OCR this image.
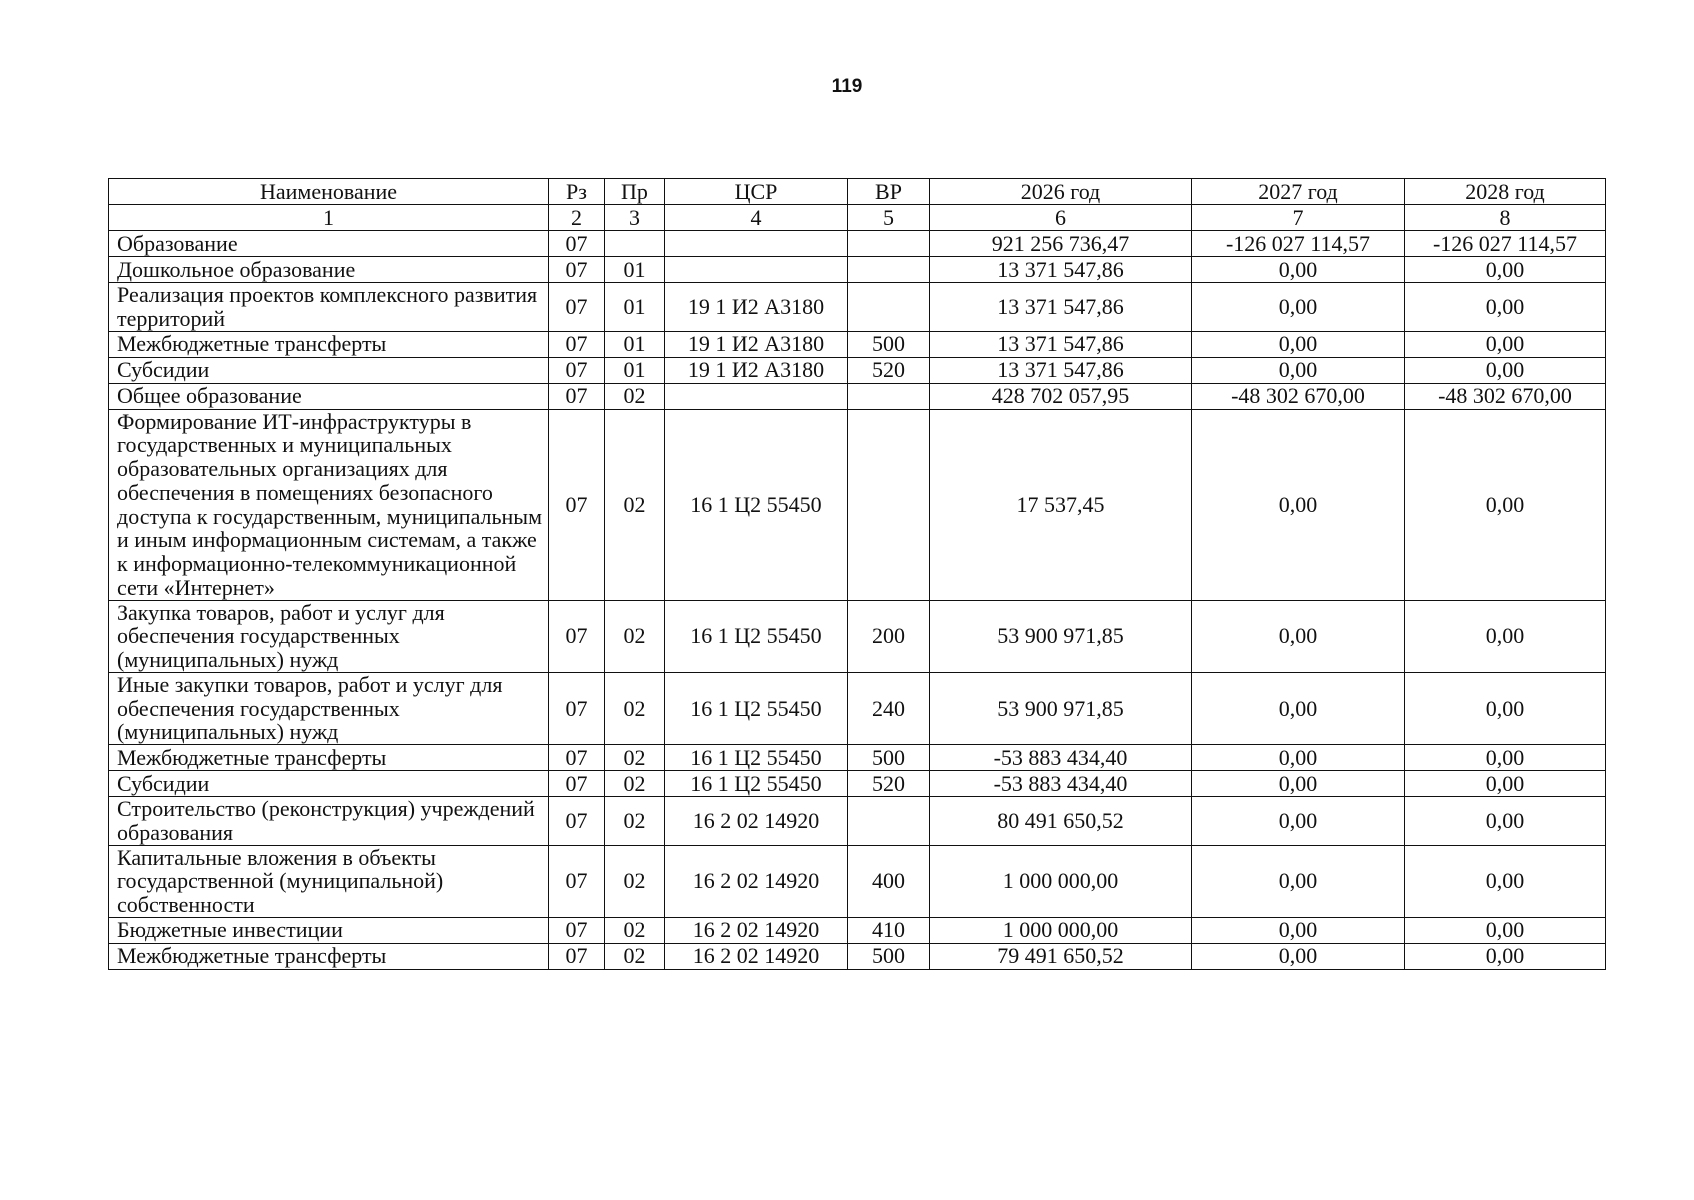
119
Наименование	Рз	Пр	ЦСР	ВР	2026 год	2027 год	2028 год
1	2	3	4	5	6	7	8
Образование	07				921 256 736,47	-126 027 114,57	-126 027 114,57
Дошкольное образование	07	01			13 371 547,86	0,00	0,00
Реализация проектов комплексного развития территорий	07	01	19 1 И2 А3180		13 371 547,86	0,00	0,00
Межбюджетные трансферты	07	01	19 1 И2 А3180	500	13 371 547,86	0,00	0,00
Субсидии	07	01	19 1 И2 А3180	520	13 371 547,86	0,00	0,00
Общее образование	07	02			428 702 057,95	-48 302 670,00	-48 302 670,00
Формирование ИТ-инфраструктуры в государственных и муниципальных образовательных организациях для обеспечения в помещениях безопасного доступа к государственным, муниципальным и иным информационным системам, а также к информационно-телекоммуникационной сети «Интернет»	07	02	16 1 Ц2 55450		17 537,45	0,00	0,00
Закупка товаров, работ и услуг для обеспечения государственных (муниципальных) нужд	07	02	16 1 Ц2 55450	200	53 900 971,85	0,00	0,00
Иные закупки товаров, работ и услуг для обеспечения государственных (муниципальных) нужд	07	02	16 1 Ц2 55450	240	53 900 971,85	0,00	0,00
Межбюджетные трансферты	07	02	16 1 Ц2 55450	500	-53 883 434,40	0,00	0,00
Субсидии	07	02	16 1 Ц2 55450	520	-53 883 434,40	0,00	0,00
Строительство (реконструкция) учреждений образования	07	02	16 2 02 14920		80 491 650,52	0,00	0,00
Капитальные вложения в объекты государственной (муниципальной) собственности	07	02	16 2 02 14920	400	1 000 000,00	0,00	0,00
Бюджетные инвестиции	07	02	16 2 02 14920	410	1 000 000,00	0,00	0,00
Межбюджетные трансферты	07	02	16 2 02 14920	500	79 491 650,52	0,00	0,00
